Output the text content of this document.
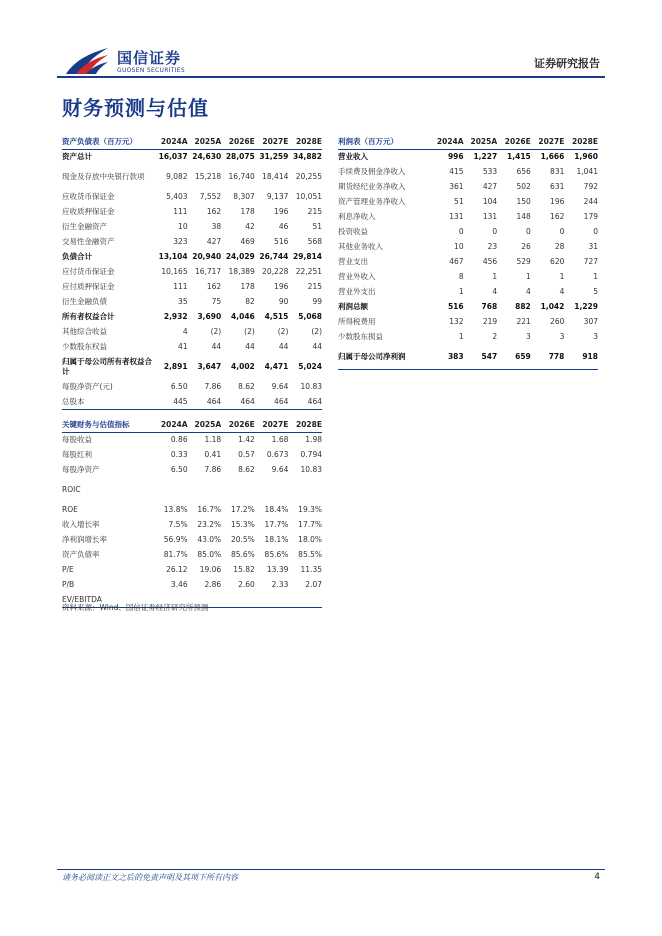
国信证券
GUOSEN SECURITIES
证券研究报告
财务预测与估值
资产负债表（百万元）	2024A	2025A	2026E	2027E	2028E
资产总计	16,037	24,630	28,075	31,259	34,882
现金及存放中央银行款项	9,082	15,218	16,740	18,414	20,255
应收货币保证金	5,403	7,552	8,307	9,137	10,051
应收质押保证金	111	162	178	196	215
衍生金融资产	10	38	42	46	51
交易性金融资产	323	427	469	516	568
负债合计	13,104	20,940	24,029	26,744	29,814
应付货币保证金	10,165	16,717	18,389	20,228	22,251
应付质押保证金	111	162	178	196	215
衍生金融负债	35	75	82	90	99
所有者权益合计	2,932	3,690	4,046	4,515	5,068
其他综合收益	4	(2)	(2)	(2)	(2)
少数股东权益	41	44	44	44	44
归属于母公司所有者权益合计	2,891	3,647	4,002	4,471	5,024
每股净资产(元)	6.50	7.86	8.62	9.64	10.83
总股本	445	464	464	464	464

利润表（百万元）	2024A	2025A	2026E	2027E	2028E
营业收入	996	1,227	1,415	1,666	1,960
手续费及佣金净收入	415	533	656	831	1,041
期货经纪业务净收入	361	427	502	631	792
资产管理业务净收入	51	104	150	196	244
利息净收入	131	131	148	162	179
投资收益	0	0	0	0	0
其他业务收入	10	23	26	28	31
营业支出	467	456	529	620	727
营业外收入	8	1	1	1	1
营业外支出	1	4	4	4	5
利润总额	516	768	882	1,042	1,229
所得税费用	132	219	221	260	307
少数股东损益	1	2	3	3	3
归属于母公司净利润	383	547	659	778	918

关键财务与估值指标	2024A	2025A	2026E	2027E	2028E
每股收益	0.86	1.18	1.42	1.68	1.98
每股红利	0.33	0.41	0.57	0.673	0.794
每股净资产	6.50	7.86	8.62	9.64	10.83
ROIC					
ROE	13.8%	16.7%	17.2%	18.4%	19.3%
收入增长率	7.5%	23.2%	15.3%	17.7%	17.7%
净利润增长率	56.9%	43.0%	20.5%	18.1%	18.0%
资产负债率	81.7%	85.0%	85.6%	85.6%	85.5%
P/E	26.12	19.06	15.82	13.39	11.35
P/B	3.46	2.86	2.60	2.33	2.07
EV/EBITDA					

资料来源：Wind、国信证券经济研究所预测
请务必阅读正文之后的免责声明及其项下所有内容	4
